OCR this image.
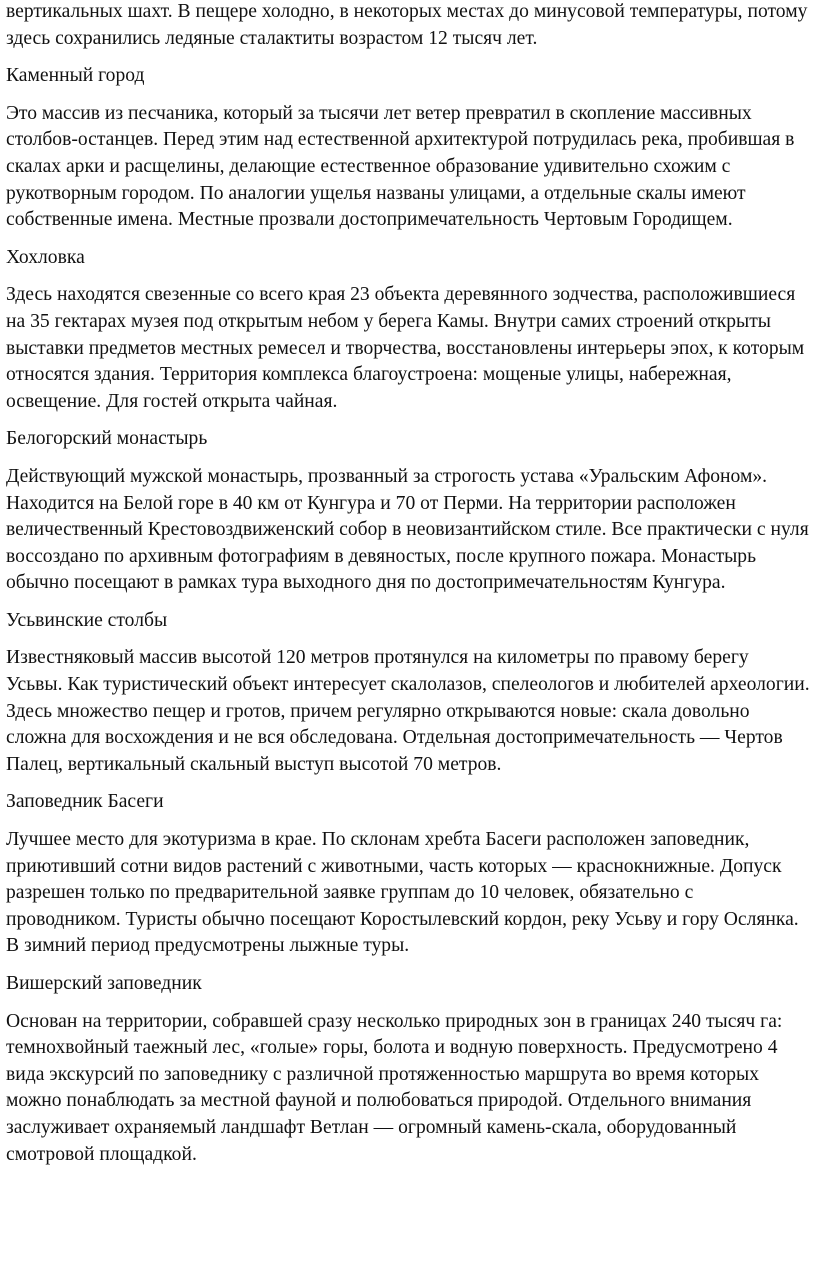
вертикальных шахт. В пещере холодно, в некоторых местах до минусовой температуры, потому здесь сохранились ледяные сталактиты возрастом 12 тысяч лет.

Каменный город

Это массив из песчаника, который за тысячи лет ветер превратил в скопление массивных столбов-останцев. Перед этим над естественной архитектурой потрудилась река, пробившая в скалах арки и расщелины, делающие естественное образование удивительно схожим с рукотворным городом. По аналогии ущелья названы улицами, а отдельные скалы имеют собственные имена. Местные прозвали достопримечательность Чертовым Городищем.

Хохловка

Здесь находятся свезенные со всего края 23 объекта деревянного зодчества, расположившиеся на 35 гектарах музея под открытым небом у берега Камы. Внутри самих строений открыты выставки предметов местных ремесел и творчества, восстановлены интерьеры эпох, к которым относятся здания. Территория комплекса благоустроена: мощеные улицы, набережная, освещение. Для гостей открыта чайная.

Белогорский монастырь

Действующий мужской монастырь, прозванный за строгость устава «Уральским Афоном». Находится на Белой горе в 40 км от Кунгура и 70 от Перми. На территории расположен величественный Крестовоздвиженский собор в неовизантийском стиле. Все практически с нуля воссоздано по архивным фотографиям в девяностых, после крупного пожара. Монастырь обычно посещают в рамках тура выходного дня по достопримечательностям Кунгура.

Усьвинские столбы

Известняковый массив высотой 120 метров протянулся на километры по правому берегу Усьвы. Как туристический объект интересует скалолазов, спелеологов и любителей археологии. Здесь множество пещер и гротов, причем регулярно открываются новые: скала довольно сложна для восхождения и не вся обследована. Отдельная достопримечательность — Чертов Палец, вертикальный скальный выступ высотой 70 метров.

Заповедник Басеги

Лучшее место для экотуризма в крае. По склонам хребта Басеги расположен заповедник, приютивший сотни видов растений с животными, часть которых — краснокнижные. Допуск разрешен только по предварительной заявке группам до 10 человек, обязательно с проводником. Туристы обычно посещают Коростылевский кордон, реку Усьву и гору Ослянка. В зимний период предусмотрены лыжные туры.

Вишерский заповедник

Основан на территории, собравшей сразу несколько природных зон в границах 240 тысяч га: темнохвойный таежный лес, «голые» горы, болота и водную поверхность. Предусмотрено 4 вида экскурсий по заповеднику с различной протяженностью маршрута во время которых можно понаблюдать за местной фауной и полюбоваться природой. Отдельного внимания заслуживает охраняемый ландшафт Ветлан — огромный камень-скала, оборудованный смотровой площадкой.
